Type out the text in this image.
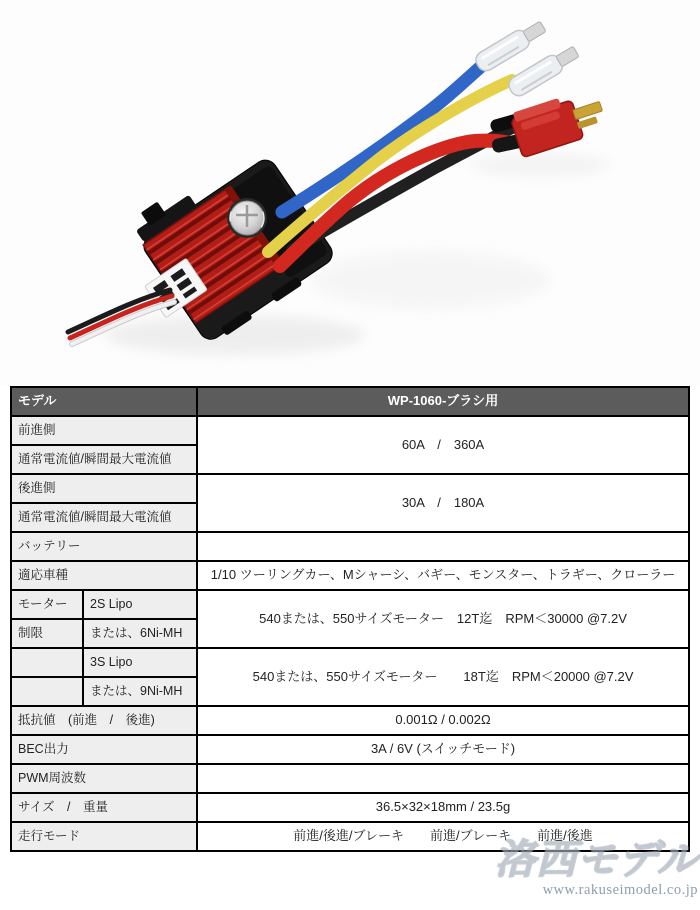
モデル		WP-1060-ブラシ用
前進側		60A　/　360A
通常電流値/瞬間最大電流値		
後進側		30A　/　180A
通常電流値/瞬間最大電流値		
バッテリー		
適応車種		1/10 ツーリングカー、Mシャーシ、バギー、モンスター、トラギー、クローラー
モーター	2S Lipo	540または、550サイズモーター　12T迄　RPM＜30000 @7.2V
制限	または、6Ni-MH	
	3S Lipo	540または、550サイズモーター　　18T迄　RPM＜20000 @7.2V
	または、9Ni-MH	
抵抗値　(前進　/　後進)		0.001Ω / 0.002Ω
BEC出力		3A / 6V (スイッチモード)
PWM周波数		
サイズ　/　重量		36.5×32×18mm / 23.5g
走行モード		前進/後進/ブレーキ　　前進/ブレーキ　　前進/後進
洛西モデル
www.rakuseimodel.co.jp
